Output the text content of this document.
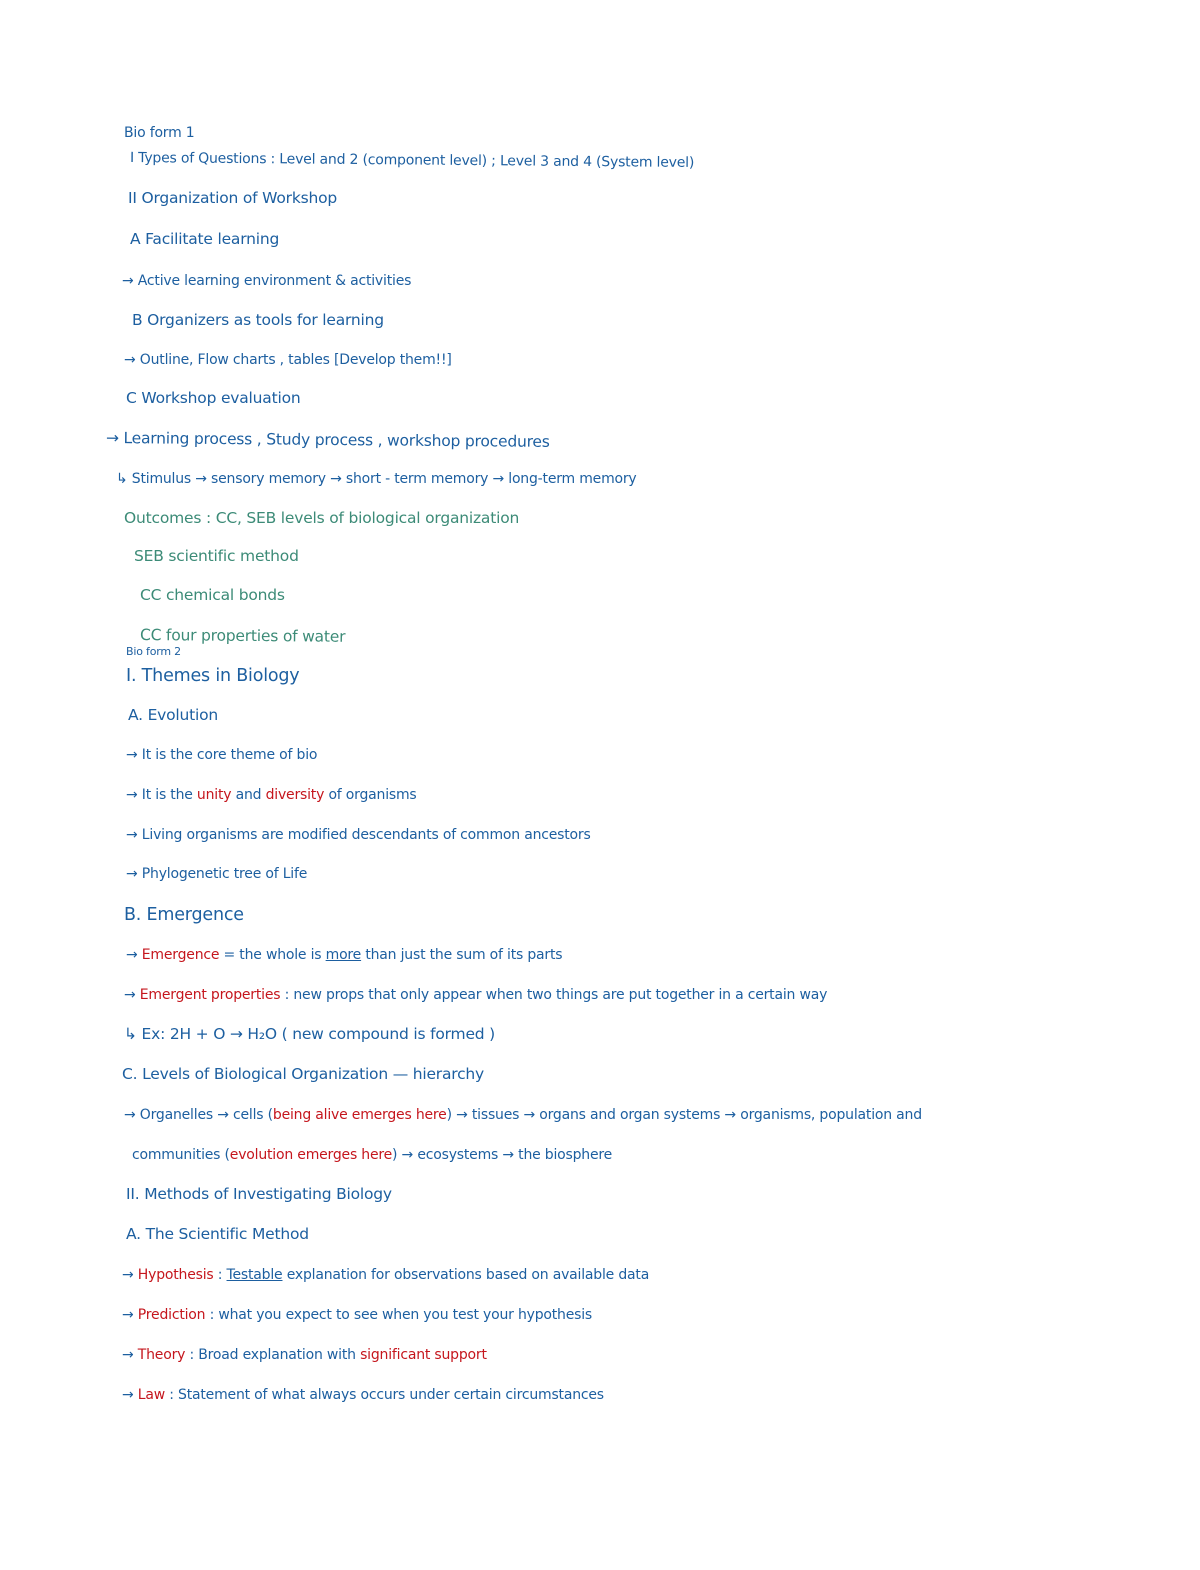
Bio form 1
I Types of Questions : Level and 2 (component level) ; Level 3 and 4 (System level)
II Organization of Workshop
A Facilitate learning
→ Active learning environment & activities
B Organizers as tools for learning
→ Outline, Flow charts , tables [Develop them!!]
C Workshop evaluation
→ Learning process , Study process , workshop procedures
↳ Stimulus → sensory memory → short - term memory → long-term memory
Outcomes : CC, SEB levels of biological organization
SEB scientific method
CC chemical bonds
CC four properties of water
Bio form 2
I. Themes in Biology
A. Evolution
→ It is the core theme of bio
→ It is the unity and diversity of organisms
→ Living organisms are modified descendants of common ancestors
→ Phylogenetic tree of Life
B. Emergence
→ Emergence = the whole is more than just the sum of its parts
→ Emergent properties : new props that only appear when two things are put together in a certain way
↳ Ex: 2H + O → H₂O ( new compound is formed )
C. Levels of Biological Organization — hierarchy
→ Organelles → cells (being alive emerges here) → tissues → organs and organ systems → organisms, population and
communities (evolution emerges here) → ecosystems → the biosphere
II. Methods of Investigating Biology
A. The Scientific Method
→ Hypothesis : Testable explanation for observations based on available data
→ Prediction : what you expect to see when you test your hypothesis
→ Theory : Broad explanation with significant support
→ Law : Statement of what always occurs under certain circumstances
